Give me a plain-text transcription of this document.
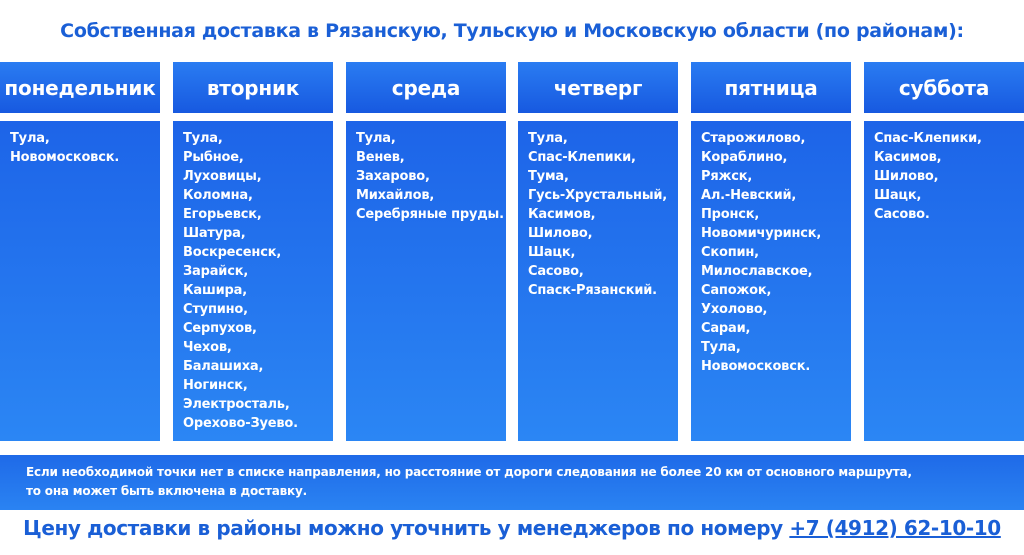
Собственная доставка в Рязанскую, Тульскую и Московскую области (по районам):
понедельник
Тула,
Новомосковск.
вторник
Тула,
Рыбное,
Луховицы,
Коломна,
Егорьевск,
Шатура,
Воскресенск,
Зарайск,
Кашира,
Ступино,
Серпухов,
Чехов,
Балашиха,
Ногинск,
Электросталь,
Орехово-Зуево.
среда
Тула,
Венев,
Захарово,
Михайлов,
Серебряные пруды.
четверг
Тула,
Спас-Клепики,
Тума,
Гусь-Хрустальный,
Касимов,
Шилово,
Шацк,
Сасово,
Спаск-Рязанский.
пятница
Старожилово,
Кораблино,
Ряжск,
Ал.-Невский,
Пронск,
Новомичуринск,
Скопин,
Милославское,
Сапожок,
Ухолово,
Сараи,
Тула,
Новомосковск.
суббота
Спас-Клепики,
Касимов,
Шилово,
Шацк,
Сасово.
Если необходимой точки нет в списке направления, но расстояние от дороги следования не более 20 км от основного маршрута,
то она может быть включена в доставку.
Цену доставки в районы можно уточнить у менеджеров по номеру +7 (4912) 62-10-10
